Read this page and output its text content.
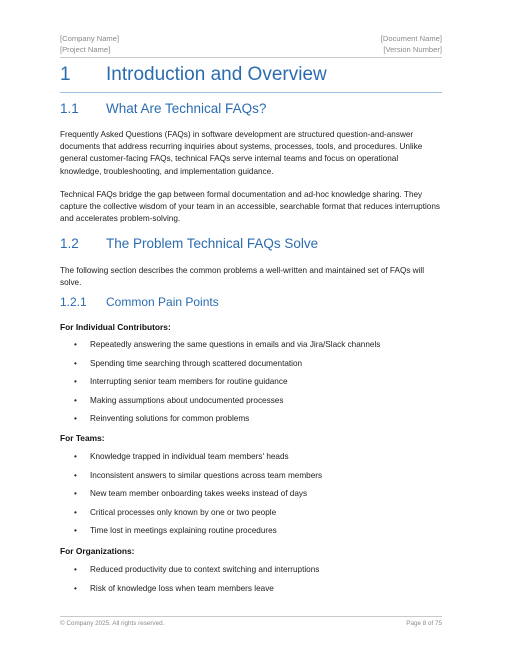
[Company Name]
[Project Name]
[Document Name]
[Version Number]
1 Introduction and Overview
1.1 What Are Technical FAQs?
Frequently Asked Questions (FAQs) in software development are structured question-and-answer documents that address recurring inquiries about systems, processes, tools, and procedures. Unlike general customer-facing FAQs, technical FAQs serve internal teams and focus on operational knowledge, troubleshooting, and implementation guidance.
Technical FAQs bridge the gap between formal documentation and ad-hoc knowledge sharing. They capture the collective wisdom of your team in an accessible, searchable format that reduces interruptions and accelerates problem-solving.
1.2 The Problem Technical FAQs Solve
The following section describes the common problems a well-written and maintained set of FAQs will solve.
1.2.1 Common Pain Points
For Individual Contributors:
• Repeatedly answering the same questions in emails and via Jira/Slack channels
• Spending time searching through scattered documentation
• Interrupting senior team members for routine guidance
• Making assumptions about undocumented processes
• Reinventing solutions for common problems
For Teams:
• Knowledge trapped in individual team members' heads
• Inconsistent answers to similar questions across team members
• New team member onboarding takes weeks instead of days
• Critical processes only known by one or two people
• Time lost in meetings explaining routine procedures
For Organizations:
• Reduced productivity due to context switching and interruptions
• Risk of knowledge loss when team members leave
© Company 2025. All rights reserved.	Page 8 of 75
